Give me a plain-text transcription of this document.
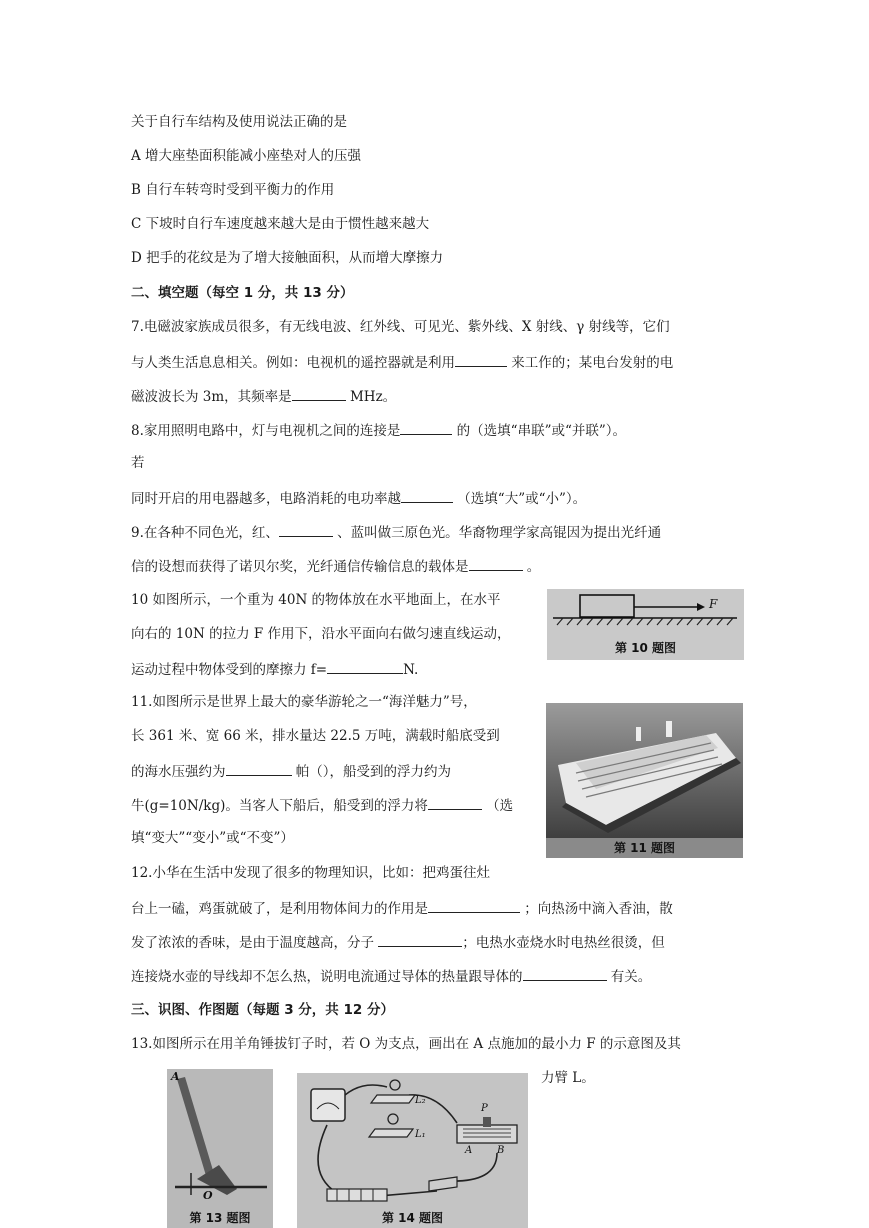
关于自行车结构及使用说法正确的是
A 增大座垫面积能减小座垫对人的压强
B 自行车转弯时受到平衡力的作用
C 下坡时自行车速度越来越大是由于惯性越来越大
D 把手的花纹是为了增大接触面积，从而增大摩擦力
二、填空题（每空 1 分，共 13 分）
7.电磁波家族成员很多，有无线电波、红外线、可见光、紫外线、X 射线、γ 射线等，它们
与人类生活息息相关。例如：电视机的遥控器就是利用	来工作的；某电台发射的电
磁波波长为 3m，其频率是	MHz。
8.家用照明电路中，灯与电视机之间的连接是	的（选填“串联”或“并联”）。
若
同时开启的用电器越多，电路消耗的电功率越	（选填“大”或“小”）。
9.在各种不同色光，红、	、蓝叫做三原色光。华裔物理学家高锟因为提出光纤通
信的设想而获得了诺贝尔奖，光纤通信传输信息的载体是	。
10 如图所示，一个重为 40N 的物体放在水平地面上，在水平
向右的 10N 的拉力 F 作用下，沿水平面向右做匀速直线运动，
运动过程中物体受到的摩擦力 f=	N.
F
第 10 题图
11.如图所示是世界上最大的豪华游轮之一“海洋魅力”号，
长 361 米、宽 66 米，排水量达 22.5 万吨，满载时船底受到
的海水压强约为	帕（），船受到的浮力约为
牛(g=10N/kg)。当客人下船后，船受到的浮力将	（选
填“变大”“变小”或“不变”）
第 11 题图
12.小华在生活中发现了很多的物理知识，比如：把鸡蛋往灶
台上一磕，鸡蛋就破了，是利用物体间力的作用是	；向热汤中滴入香油，散
发了浓浓的香味，是由于温度越高，分子	；电热水壶烧水时电热丝很烫，但
连接烧水壶的导线却不怎么热，说明电流通过导体的热量跟导体的	有关。
三、识图、作图题（每题 3 分，共 12 分）
13.如图所示在用羊角锤拔钉子时，若 O 为支点，画出在 A 点施加的最小力 F 的示意图及其
力臂 L。
A
O
第 13 题图
L₂
L₁
P
A B
第 14 题图
